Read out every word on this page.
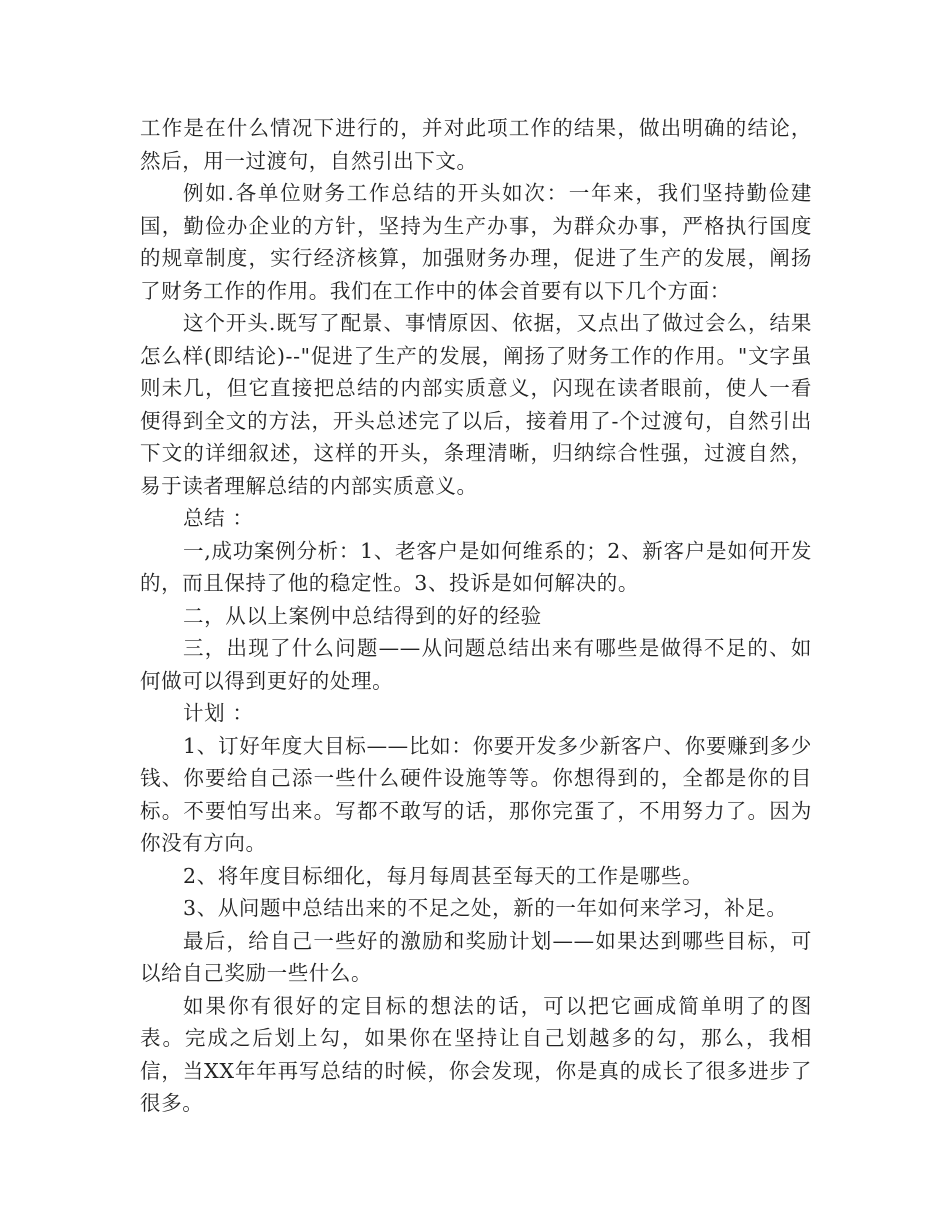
工作是在什么情况下进行的，并对此项工作的结果，做出明确的结论，然后，用一过渡句，自然引出下文。

例如.各单位财务工作总结的开头如次：一年来，我们坚持勤俭建国，勤俭办企业的方针，坚持为生产办事，为群众办事，严格执行国度的规章制度，实行经济核算，加强财务办理，促进了生产的发展，阐扬了财务工作的作用。我们在工作中的体会首要有以下几个方面：

这个开头.既写了配景、事情原因、依据，又点出了做过会么，结果怎么样(即结论)--"促进了生产的发展，阐扬了财务工作的作用。"文字虽则未几，但它直接把总结的内部实质意义，闪现在读者眼前，使人一看便得到全文的方法，开头总述完了以后，接着用了-个过渡句，自然引出下文的详细叙述，这样的开头，条理清晰，归纳综合性强，过渡自然，易于读者理解总结的内部实质意义。

总结 ：

一,成功案例分析：1、老客户是如何维系的；2、新客户是如何开发的，而且保持了他的稳定性。3、投诉是如何解决的。

二，从以上案例中总结得到的好的经验

三，出现了什么问题——从问题总结出来有哪些是做得不足的、如何做可以得到更好的处理。

计划 ：

1、订好年度大目标——比如：你要开发多少新客户、你要赚到多少钱、你要给自己添一些什么硬件设施等等。你想得到的，全都是你的目标。不要怕写出来。写都不敢写的话，那你完蛋了，不用努力了。因为你没有方向。

2、将年度目标细化，每月每周甚至每天的工作是哪些。

3、从问题中总结出来的不足之处，新的一年如何来学习，补足。

最后，给自己一些好的激励和奖励计划——如果达到哪些目标，可以给自己奖励一些什么。

如果你有很好的定目标的想法的话，可以把它画成简单明了的图表。完成之后划上勾，如果你在坚持让自己划越多的勾，那么，我相信，当XX年年再写总结的时候，你会发现，你是真的成长了很多进步了很多。
